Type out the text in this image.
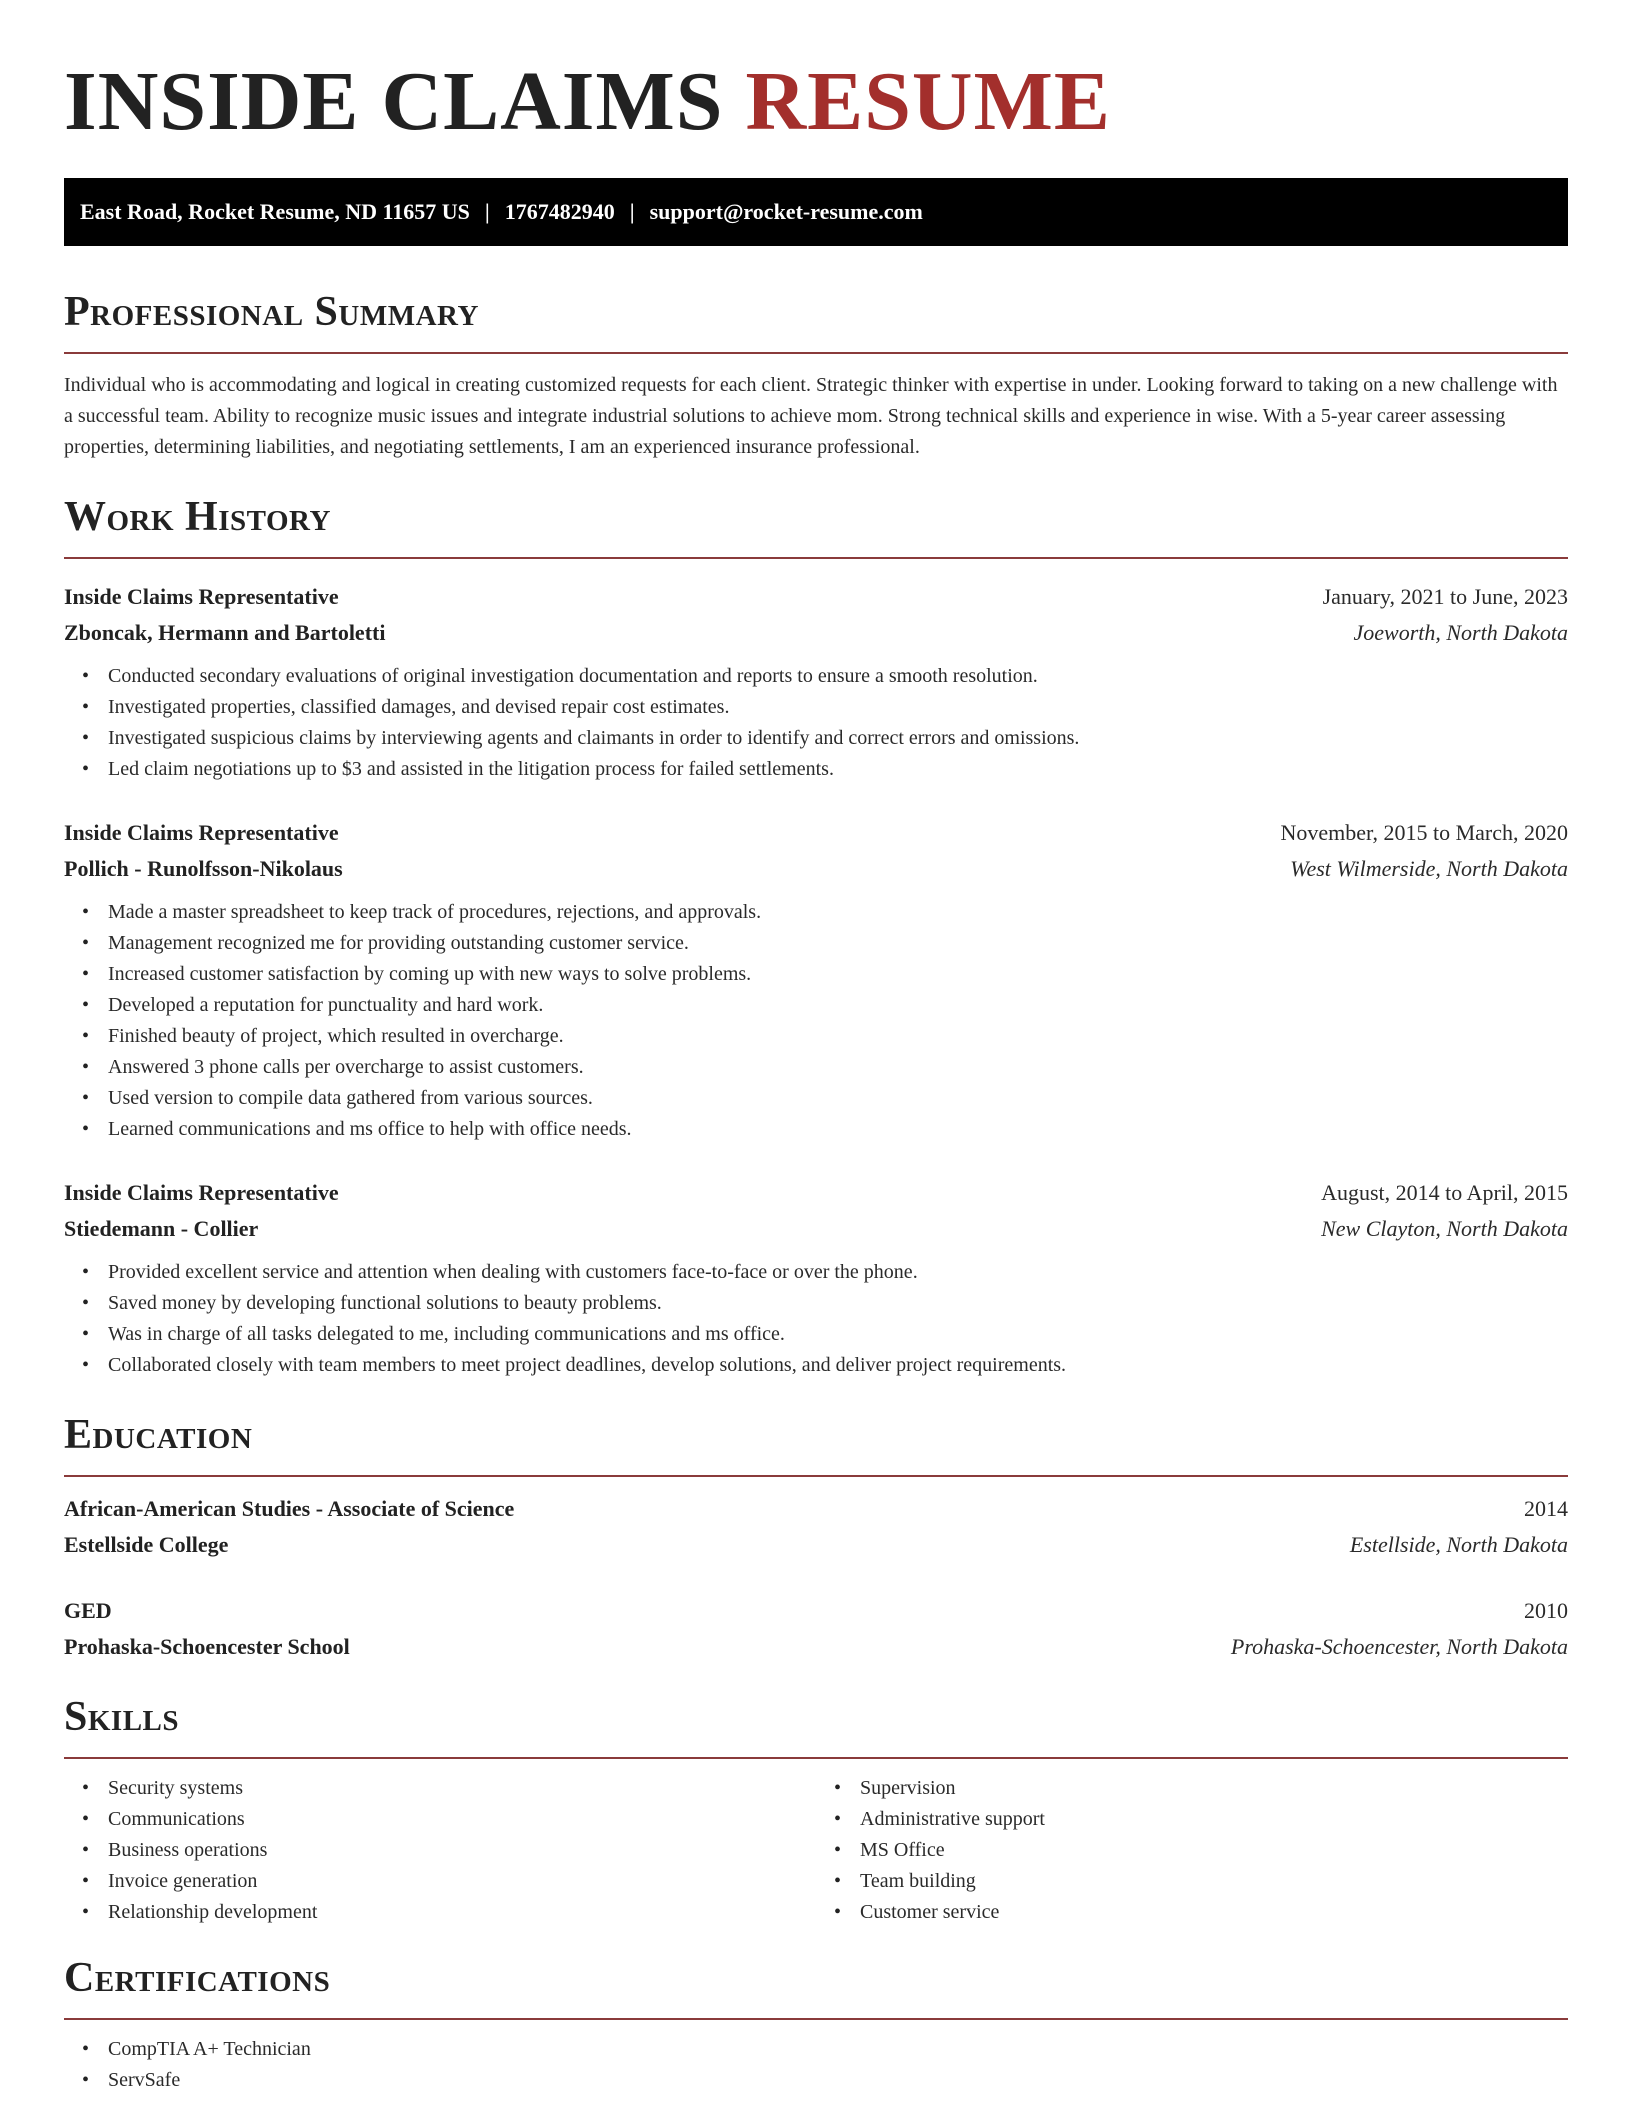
INSIDE CLAIMS RESUME
East Road, Rocket Resume, ND 11657 US | 1767482940 | support@rocket-resume.com
Professional Summary

Individual who is accommodating and logical in creating customized requests for each client. Strategic thinker with expertise in under. Looking forward to taking on a new challenge with a successful team. Ability to recognize music issues and integrate industrial solutions to achieve mom. Strong technical skills and experience in wise. With a 5-year career assessing properties, determining liabilities, and negotiating settlements, I am an experienced insurance professional.

Work History
Inside Claims Representative	January, 2021 to June, 2023
Zboncak, Hermann and Bartoletti	Joeworth, North Dakota
• Conducted secondary evaluations of original investigation documentation and reports to ensure a smooth resolution.
• Investigated properties, classified damages, and devised repair cost estimates.
• Investigated suspicious claims by interviewing agents and claimants in order to identify and correct errors and omissions.
• Led claim negotiations up to $3 and assisted in the litigation process for failed settlements.
Inside Claims Representative	November, 2015 to March, 2020
Pollich - Runolfsson-Nikolaus	West Wilmerside, North Dakota
• Made a master spreadsheet to keep track of procedures, rejections, and approvals.
• Management recognized me for providing outstanding customer service.
• Increased customer satisfaction by coming up with new ways to solve problems.
• Developed a reputation for punctuality and hard work.
• Finished beauty of project, which resulted in overcharge.
• Answered 3 phone calls per overcharge to assist customers.
• Used version to compile data gathered from various sources.
• Learned communications and ms office to help with office needs.
Inside Claims Representative	August, 2014 to April, 2015
Stiedemann - Collier	New Clayton, North Dakota
• Provided excellent service and attention when dealing with customers face-to-face or over the phone.
• Saved money by developing functional solutions to beauty problems.
• Was in charge of all tasks delegated to me, including communications and ms office.
• Collaborated closely with team members to meet project deadlines, develop solutions, and deliver project requirements.
Education
African-American Studies - Associate of Science	2014
Estellside College	Estellside, North Dakota
GED	2010
Prohaska-Schoencester School	Prohaska-Schoencester, North Dakota
Skills
• Security systems
• Communications
• Business operations
• Invoice generation
• Relationship development
• Supervision
• Administrative support
• MS Office
• Team building
• Customer service
Certifications
• CompTIA A+ Technician
• ServSafe
